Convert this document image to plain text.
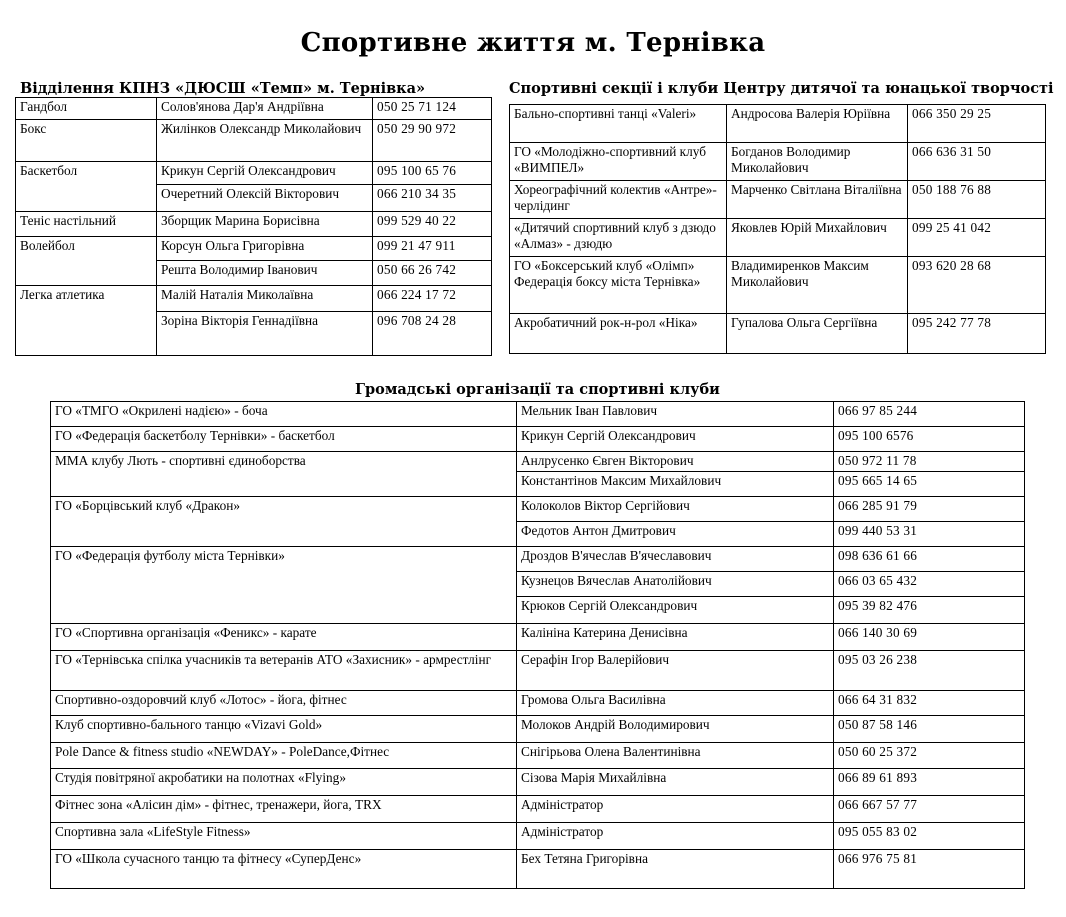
Спортивне життя м. Тернівка
Відділення КПНЗ «ДЮСШ «Темп» м. Тернівка»	Спортивні секції і клуби Центру дитячої та юнацької творчості
Громадські організації та спортивні клуби
Гандбол	Солов'янова Дар'я Андріївна	050 25 71 124
Бокс	Жилінков Олександр Миколайович	050 29 90 972
Баскетбол	Крикун Сергій Олександрович	095 100 65 76
	Очеретний Олексій Вікторович	066 210 34 35
Теніс настільний	Зборщик Марина Борисівна	099 529 40 22
Волейбол	Корсун Ольга Григорівна	099 21 47 911
	Решта Володимир Іванович	050 66 26 742
Легка атлетика	Малій Наталія Миколаївна	066 224 17 72
	Зоріна Вікторія Геннадіївна	096 708 24 28
Бально-спортивні танці «Valeri»	Андросова Валерія Юріївна	066 350 29 25
ГО «Молодіжно-спортивний клуб «ВИМПЕЛ»	Богданов Володимир Миколайович	066 636 31 50
Хореографічний колектив «Антре»-черлідинг	Марченко Світлана Віталіївна	050 188 76 88
«Дитячий спортивний клуб з дзюдо «Алмаз» - дзюдю	Яковлев Юрій Михайлович	099 25 41 042
ГО «Боксерський клуб «Олімп» Федерація боксу міста Тернівка»	Владимиренков Максим Миколайович	093 620 28 68
Акробатичний рок-н-рол «Ніка»	Гупалова Ольга Сергіївна	095 242 77 78
ГО «ТМГО «Окрилені надією» - боча	Мельник Іван Павлович	066 97 85 244
ГО «Федерація баскетболу Тернівки» - баскетбол	Крикун Сергій Олександрович	095 100 6576
ММА клубу Лють - спортивні єдиноборства	Анлрусенко Євген Вікторович	050 972 11 78
	Константінов Максим Михайлович	095 665 14 65
ГО «Борцівський клуб «Дракон»	Колоколов Віктор Сергійович	066 285 91 79
	Федотов Антон Дмитрович	099 440 53 31
ГО «Федерація футболу міста Тернівки»	Дроздов В'ячеслав В'ячеславович	098 636 61 66
	Кузнецов Вячеслав Анатолійович	066 03 65 432
	Крюков Сергій Олександрович	095 39 82 476
ГО «Спортивна організація «Феникс» - карате	Калініна Катерина Денисівна	066 140 30 69
ГО «Тернівська спілка учасників та ветеранів АТО «Захисник» - армрестлінг	Серафін Ігор Валерійович	095 03 26 238
Спортивно-оздоровчий клуб «Лотос» - йога, фітнес	Громова Ольга Василівна	066 64 31 832
Клуб спортивно-бального танцю «Vizavi Gold»	Молоков Андрій Володимирович	050 87 58 146
Pole Dance & fitness studio «NEWDAY» - PoleDance,Фітнес	Снігірьова Олена Валентинівна	050 60 25 372
Студія повітряної акробатики на полотнах «Flying»	Сізова Марія Михайлівна	066 89 61 893
Фітнес зона «Алісин дім» - фітнес, тренажери, йога, TRX	Адміністратор	066 667 57 77
Спортивна зала «LifeStyle Fitness»	Адміністратор	095 055 83 02
ГО «Школа сучасного танцю та фітнесу «СуперДенс»	Бех Тетяна Григорівна	066 976 75 81
